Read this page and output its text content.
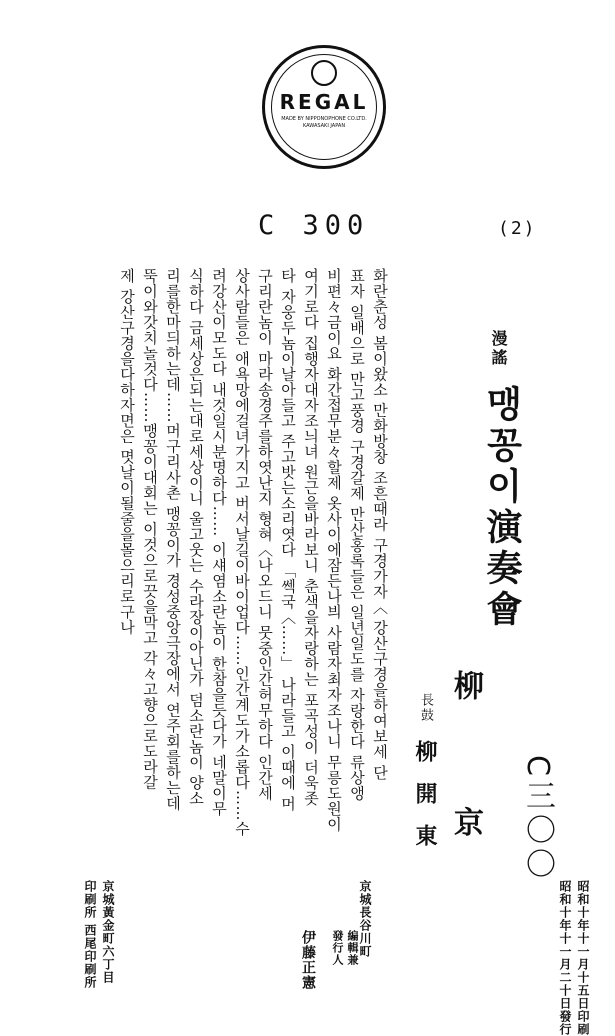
REGAL
MADE BY NIPPONOPHONE CO.LTD. KAWASAKI JAPAN
C 300	(2)
C三〇〇
漫謠
맹꽁이演奏會
柳 京
長鼓
柳開東
화란춘성 봄이왔소 만화방창 조흔때라 구경가자〈 강산구경을하여보세 단
표자 일배으로 만고풍경 구경갈제 만산홍록들은 일년일도를 자랑한다 류상앵
비편々금이요 화간접무분々할제 옷사이에잠든나븨 사람자최자조나니 무릉도원이
여기로다 집행자대자조늬녀 원근을바라보니 춘색을자랑하는 포곡성이 더욱좃
타 자웅두놈이날아들고 주고밧는소리엿다 「쎅국〈……」 나라들고 이때에 머
구리란놈이 마라송경주를하엿난지 형혀〈나오드니 뭇중인간허무하다 인간세
상사람들은 애욕망에걸녀가지고 버서날길이바이업다……인간계도가소롭다……수
려강산이모도다 내것일시분명하다…… 이섀염소란놈이 한참을듯다가 네말이무
식하다 금세상은되는대로세상이니 울고웃는 수라장이아닌가 덤소란놈이 양소
리를한마듸하는데……머구리사촌 맹꽁이가 경성중앙극장에서 연주회를하는데
뚝이와갓치놀것다……맹꽁이대회는 이것으로끗을막고 각々고향으로도라갈
제 강산구경을다하자면은 몃날이될줄을몰으리로구나
昭和十年十一月十五日印刷
昭和十年十一月二十日發行
編輯兼
發行人 京城長谷川町
伊藤正憲
京城黃金町六丁目
印刷所 西尾印刷所
